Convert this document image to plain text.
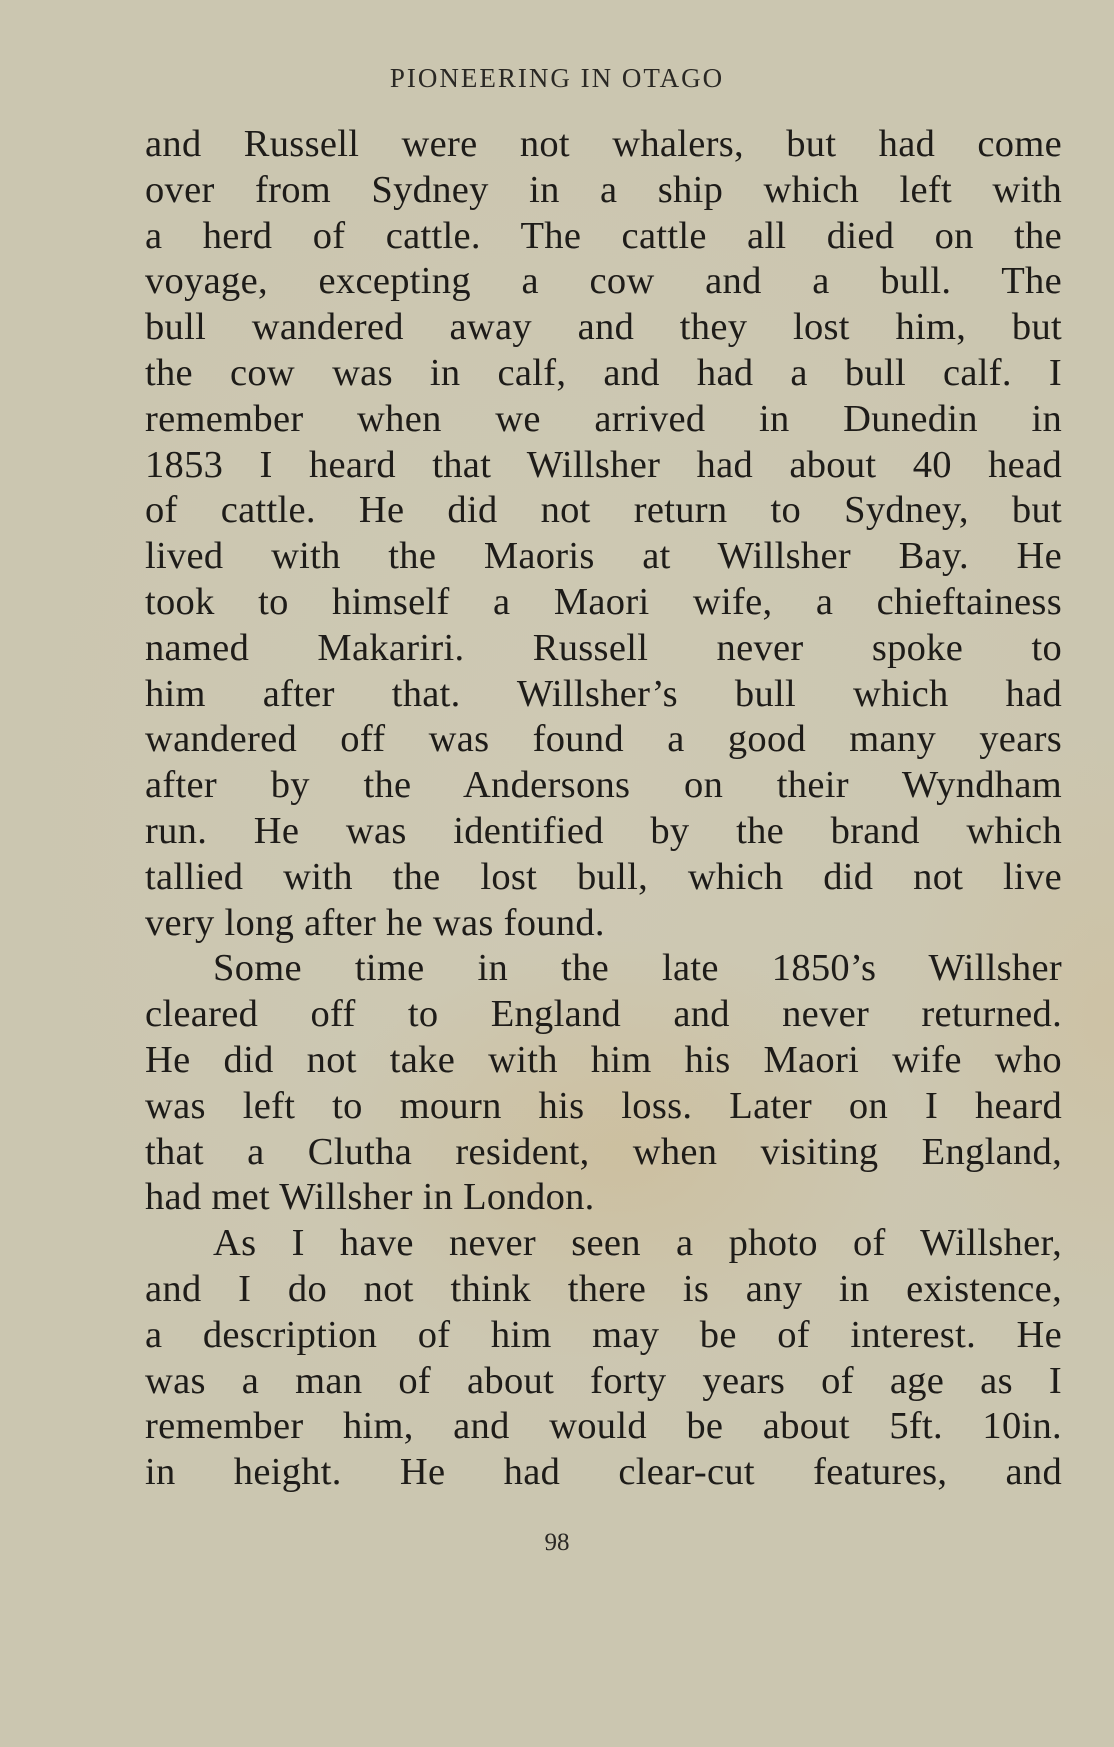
PIONEERING IN OTAGO
and Russell were not whalers, but had come
over from Sydney in a ship which left with
a herd of cattle. The cattle all died on the
voyage, excepting a cow and a bull. The
bull wandered away and they lost him, but
the cow was in calf, and had a bull calf. I
remember when we arrived in Dunedin in
1853 I heard that Willsher had about 40 head
of cattle. He did not return to Sydney, but
lived with the Maoris at Willsher Bay. He
took to himself a Maori wife, a chieftainess
named Makariri. Russell never spoke to
him after that. Willsher’s bull which had
wandered off was found a good many years
after by the Andersons on their Wyndham
run. He was identified by the brand which
tallied with the lost bull, which did not live
very long after he was found.
Some time in the late 1850’s Willsher
cleared off to England and never returned.
He did not take with him his Maori wife who
was left to mourn his loss. Later on I heard
that a Clutha resident, when visiting England,
had met Willsher in London.
As I have never seen a photo of Willsher,
and I do not think there is any in existence,
a description of him may be of interest. He
was a man of about forty years of age as I
remember him, and would be about 5ft. 10in.
in height. He had clear-cut features, and
98
